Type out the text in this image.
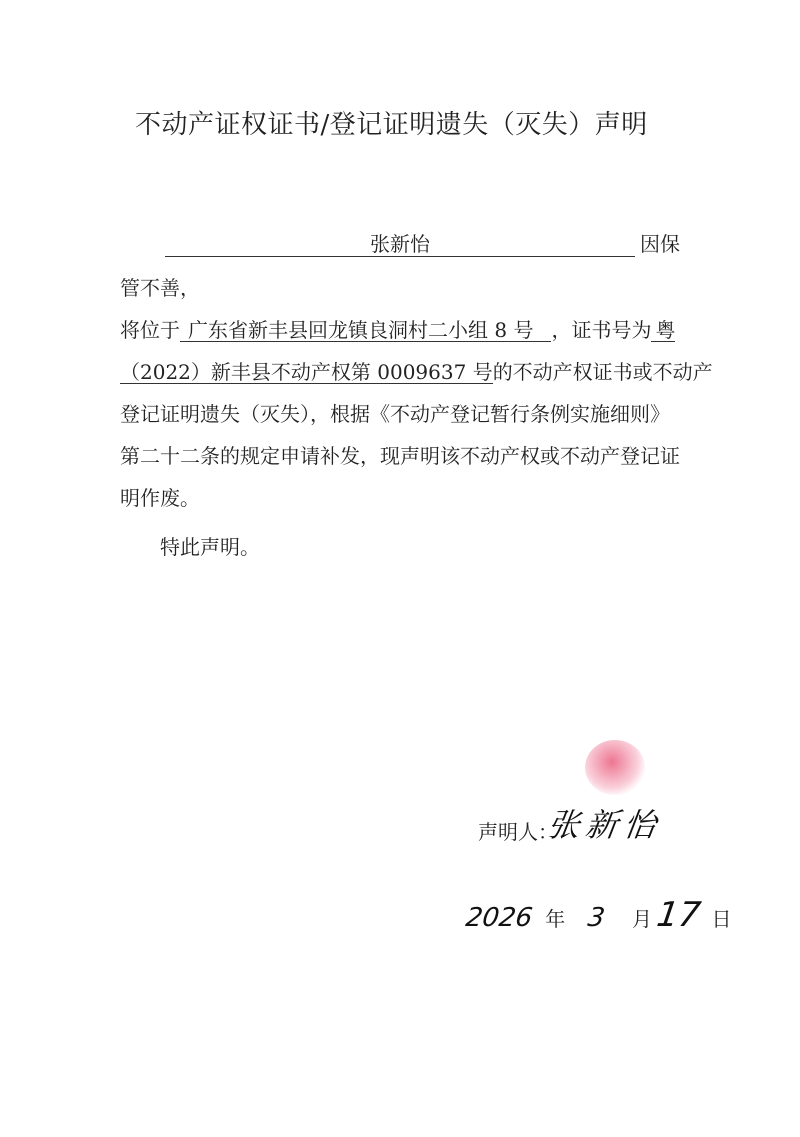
不动产证权证书/登记证明遗失（灭失）声明
张新怡	因保
管不善，
将位于 广东省新丰县回龙镇良洞村二小组 8 号 ，证书号为 粤
（2022）新丰县不动产权第 0009637 号的不动产权证书或不动产
登记证明遗失（灭失），根据《不动产登记暂行条例实施细则》
第二十二条的规定申请补发，现声明该不动产权或不动产登记证
明作废。
特此声明。
声明人：
张新怡
2026 年 3 月 17 日
